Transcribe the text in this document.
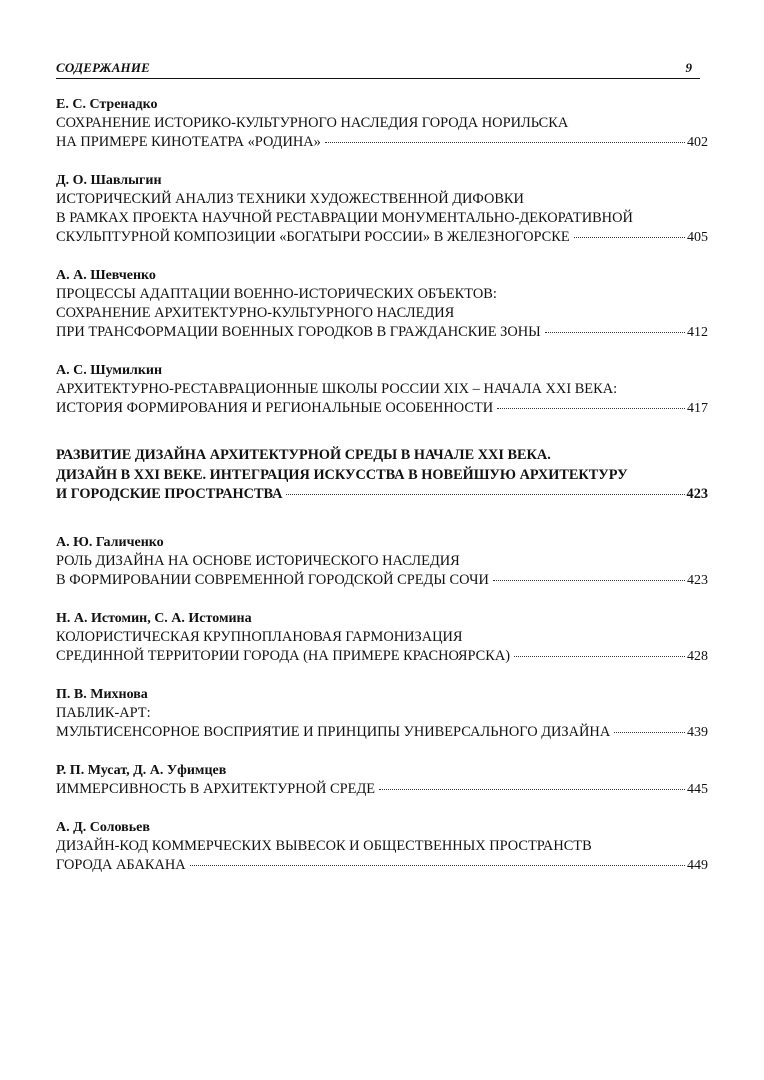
СОДЕРЖАНИЕ	9
Е. С. Стренадко
СОХРАНЕНИЕ ИСТОРИКО-КУЛЬТУРНОГО НАСЛЕДИЯ ГОРОДА НОРИЛЬСКА
НА ПРИМЕРЕ КИНОТЕАТРА «РОДИНА»	402
Д. О. Шавлыгин
ИСТОРИЧЕСКИЙ АНАЛИЗ ТЕХНИКИ ХУДОЖЕСТВЕННОЙ ДИФОВКИ
В РАМКАХ ПРОЕКТА НАУЧНОЙ РЕСТАВРАЦИИ МОНУМЕНТАЛЬНО-ДЕКОРАТИВНОЙ
СКУЛЬПТУРНОЙ КОМПОЗИЦИИ «БОГАТЫРИ РОССИИ» В ЖЕЛЕЗНОГОРСКЕ	405
А. А. Шевченко
ПРОЦЕССЫ АДАПТАЦИИ ВОЕННО-ИСТОРИЧЕСКИХ ОБЪЕКТОВ:
СОХРАНЕНИЕ АРХИТЕКТУРНО-КУЛЬТУРНОГО НАСЛЕДИЯ
ПРИ ТРАНСФОРМАЦИИ ВОЕННЫХ ГОРОДКОВ В ГРАЖДАНСКИЕ ЗОНЫ	412
А. С. Шумилкин
АРХИТЕКТУРНО-РЕСТАВРАЦИОННЫЕ ШКОЛЫ РОССИИ XIX – НАЧАЛА XXI ВЕКА:
ИСТОРИЯ ФОРМИРОВАНИЯ И РЕГИОНАЛЬНЫЕ ОСОБЕННОСТИ	417
РАЗВИТИЕ ДИЗАЙНА АРХИТЕКТУРНОЙ СРЕДЫ В НАЧАЛЕ XXI ВЕКА.
ДИЗАЙН В XXI ВЕКЕ. ИНТЕГРАЦИЯ ИСКУССТВА В НОВЕЙШУЮ АРХИТЕКТУРУ
И ГОРОДСКИЕ ПРОСТРАНСТВА	423
А. Ю. Галиченко
РОЛЬ ДИЗАЙНА НА ОСНОВЕ ИСТОРИЧЕСКОГО НАСЛЕДИЯ
В ФОРМИРОВАНИИ СОВРЕМЕННОЙ ГОРОДСКОЙ СРЕДЫ СОЧИ	423
Н. А. Истомин, С. А. Истомина
КОЛОРИСТИЧЕСКАЯ КРУПНОПЛАНОВАЯ ГАРМОНИЗАЦИЯ
СРЕДИННОЙ ТЕРРИТОРИИ ГОРОДА (НА ПРИМЕРЕ КРАСНОЯРСКА)	428
П. В. Михнова
ПАБЛИК-АРТ:
МУЛЬТИСЕНСОРНОЕ ВОСПРИЯТИЕ И ПРИНЦИПЫ УНИВЕРСАЛЬНОГО ДИЗАЙНА	439
Р. П. Мусат, Д. А. Уфимцев
ИММЕРСИВНОСТЬ В АРХИТЕКТУРНОЙ СРЕДЕ	445
А. Д. Соловьев
ДИЗАЙН-КОД КОММЕРЧЕСКИХ ВЫВЕСОК И ОБЩЕСТВЕННЫХ ПРОСТРАНСТВ
ГОРОДА АБАКАНА	449
